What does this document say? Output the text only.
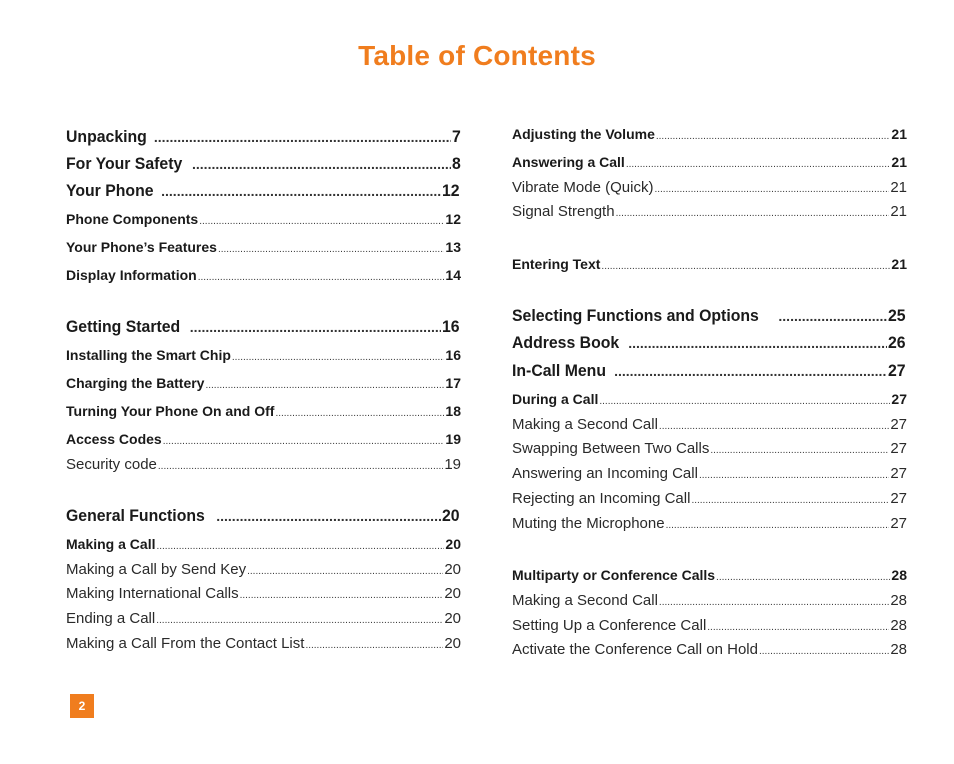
Table of Contents
Unpacking .....	7
For Your Safety .....	8
Your Phone .....	12
Phone Components .....	12
Your Phone’s Features .....	13
Display Information .....	14
Getting Started .....	16
Installing the Smart Chip .....	16
Charging the Battery .....	17
Turning Your Phone On and Off .....	18
Access Codes .....	19
Security code .....	19
General Functions .....	20
Making a Call .....	20
Making a Call by Send Key .....	20
Making International Calls .....	20
Ending a Call .....	20
Making a Call From the Contact List .....	20
Adjusting the Volume .....	21
Answering a Call .....	21
Vibrate Mode (Quick) .....	21
Signal Strength .....	21
Entering Text .....	21
Selecting Functions and Options .....	25
Address Book .....	26
In-Call Menu .....	27
During a Call .....	27
Making a Second Call .....	27
Swapping Between Two Calls .....	27
Answering an Incoming Call .....	27
Rejecting an Incoming Call .....	27
Muting the Microphone .....	27
Multiparty or Conference Calls .....	28
Making a Second Call .....	28
Setting Up a Conference Call .....	28
Activate the Conference Call on Hold .....	28
2
